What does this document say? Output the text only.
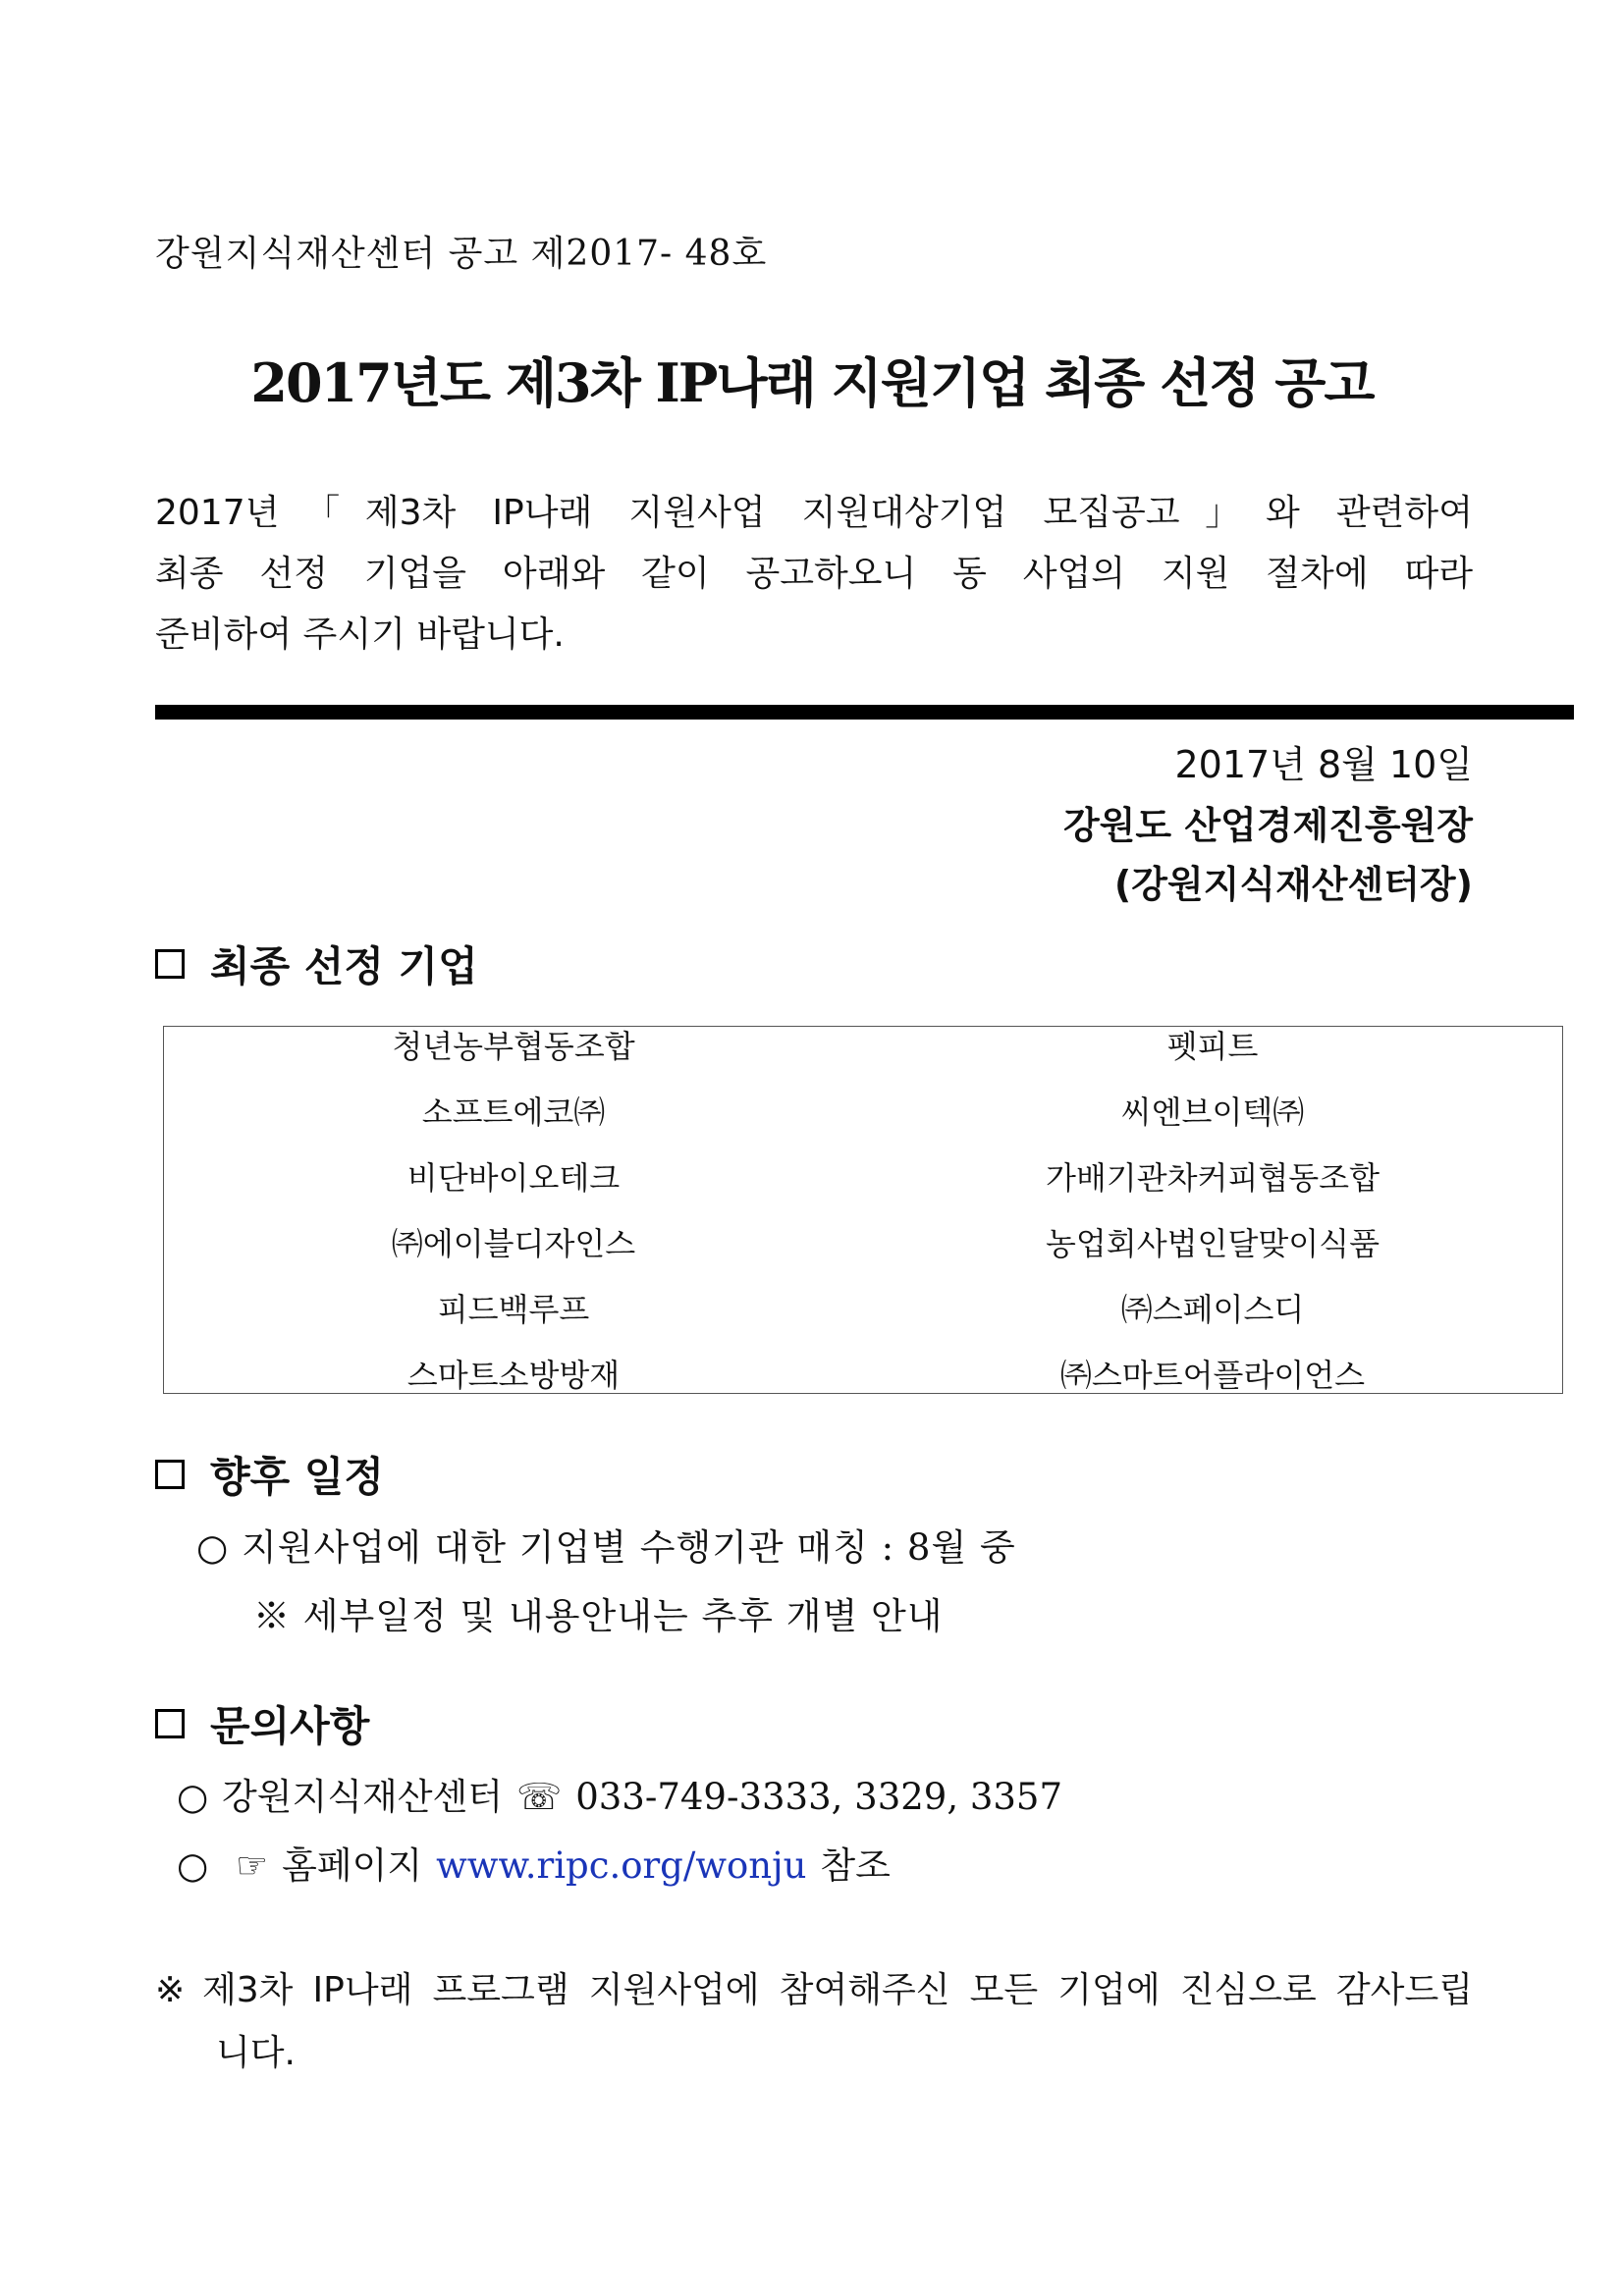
강원지식재산센터 공고 제2017- 48호
2017년도 제3차 IP나래 지원기업 최종 선정 공고
2017년「제3차 IP나래 지원사업 지원대상기업 모집공고」와 관련하여
최종 선정 기업을 아래와 같이 공고하오니 동 사업의 지원 절차에 따라
준비하여 주시기 바랍니다.
2017년 8월 10일
강원도 산업경제진흥원장
(강원지식재산센터장)
최종 선정 기업
청년농부협동조합	펫피트
소프트에코㈜	씨엔브이텍㈜
비단바이오테크	가배기관차커피협동조합
㈜에이블디자인스	농업회사법인달맞이식품
피드백루프	㈜스페이스디
스마트소방방재	㈜스마트어플라이언스
향후 일정
○ 지원사업에 대한 기업별 수행기관 매칭 : 8월 중
※ 세부일정 및 내용안내는 추후 개별 안내
문의사항
○ 강원지식재산센터 ☏ 033-749-3333, 3329, 3357
○ ☞ 홈페이지 www.ripc.org/wonju 참조
※ 제3차 IP나래 프로그램 지원사업에 참여해주신 모든 기업에 진심으로 감사드립
니다.
